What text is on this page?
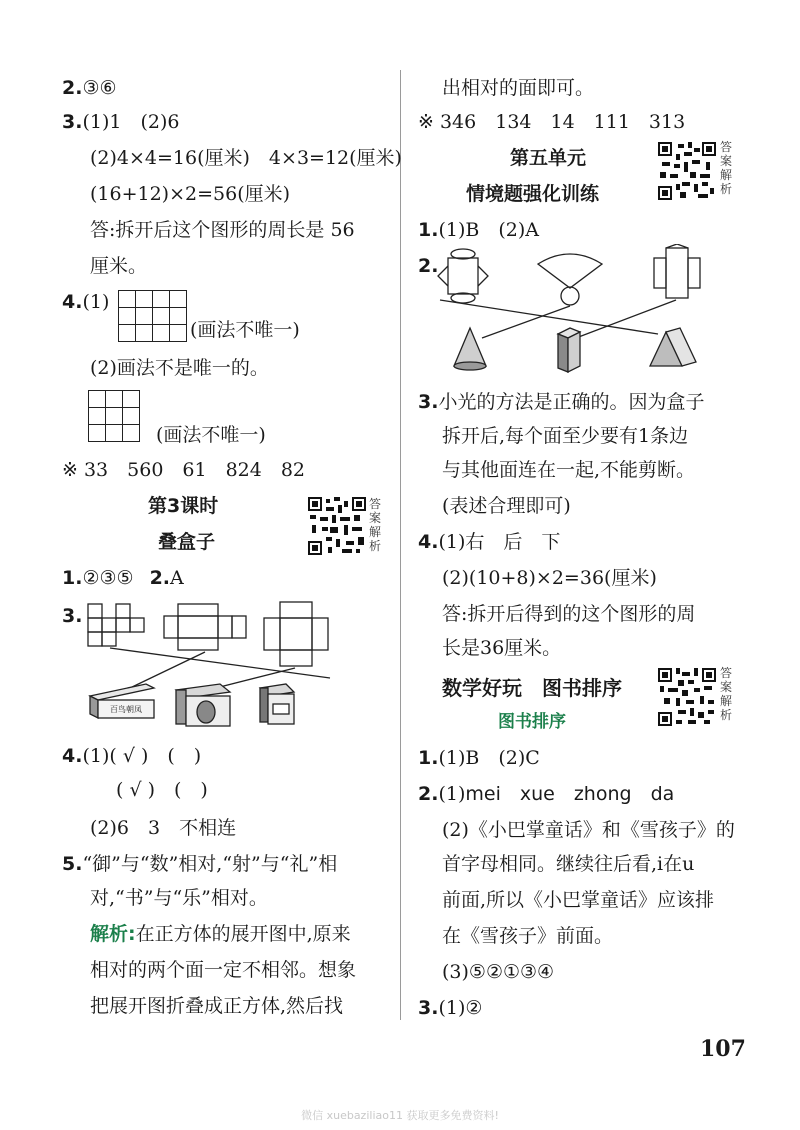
2.③⑥
3.(1)1　(2)6
(2)4×4=16(厘米)　4×3=12(厘米)
(16+12)×2=56(厘米)
答:拆开后这个图形的周长是 56
厘米。
4.(1)

(画法不唯一)
(2)画法不是唯一的。

(画法不唯一)
※ 33　560　61　824　82
第3课时
叠盒子
答案解析
1.②③⑤ 2.A
3.
百鸟朝凤
4.(1)( √ )　(　)
( √ )　(　)
(2)6　3　不相连
5.“御”与“数”相对,“射”与“礼”相
对,“书”与“乐”相对。
解析:在正方体的展开图中,原来
相对的两个面一定不相邻。想象
把展开图折叠成正方体,然后找
出相对的面即可。
※ 346　134　14　111　313
第五单元
情境题强化训练
答案解析
1.(1)B　(2)A
2.
3.小光的方法是正确的。因为盒子
拆开后,每个面至少要有1条边
与其他面连在一起,不能剪断。
(表述合理即可)
4.(1)右　后　下
(2)(10+8)×2=36(厘米)
答:拆开后得到的这个图形的周
长是36厘米。
数学好玩　图书排序
图书排序
答案解析
1.(1)B　(2)C
2.(1)mei　xue　zhong　da
(2)《小巴掌童话》和《雪孩子》的
首字母相同。继续往后看,i在u
前面,所以《小巴掌童话》应该排
在《雪孩子》前面。
(3)⑤②①③④
3.(1)②
107
微信 xuebaziliao11 获取更多免费资料!
